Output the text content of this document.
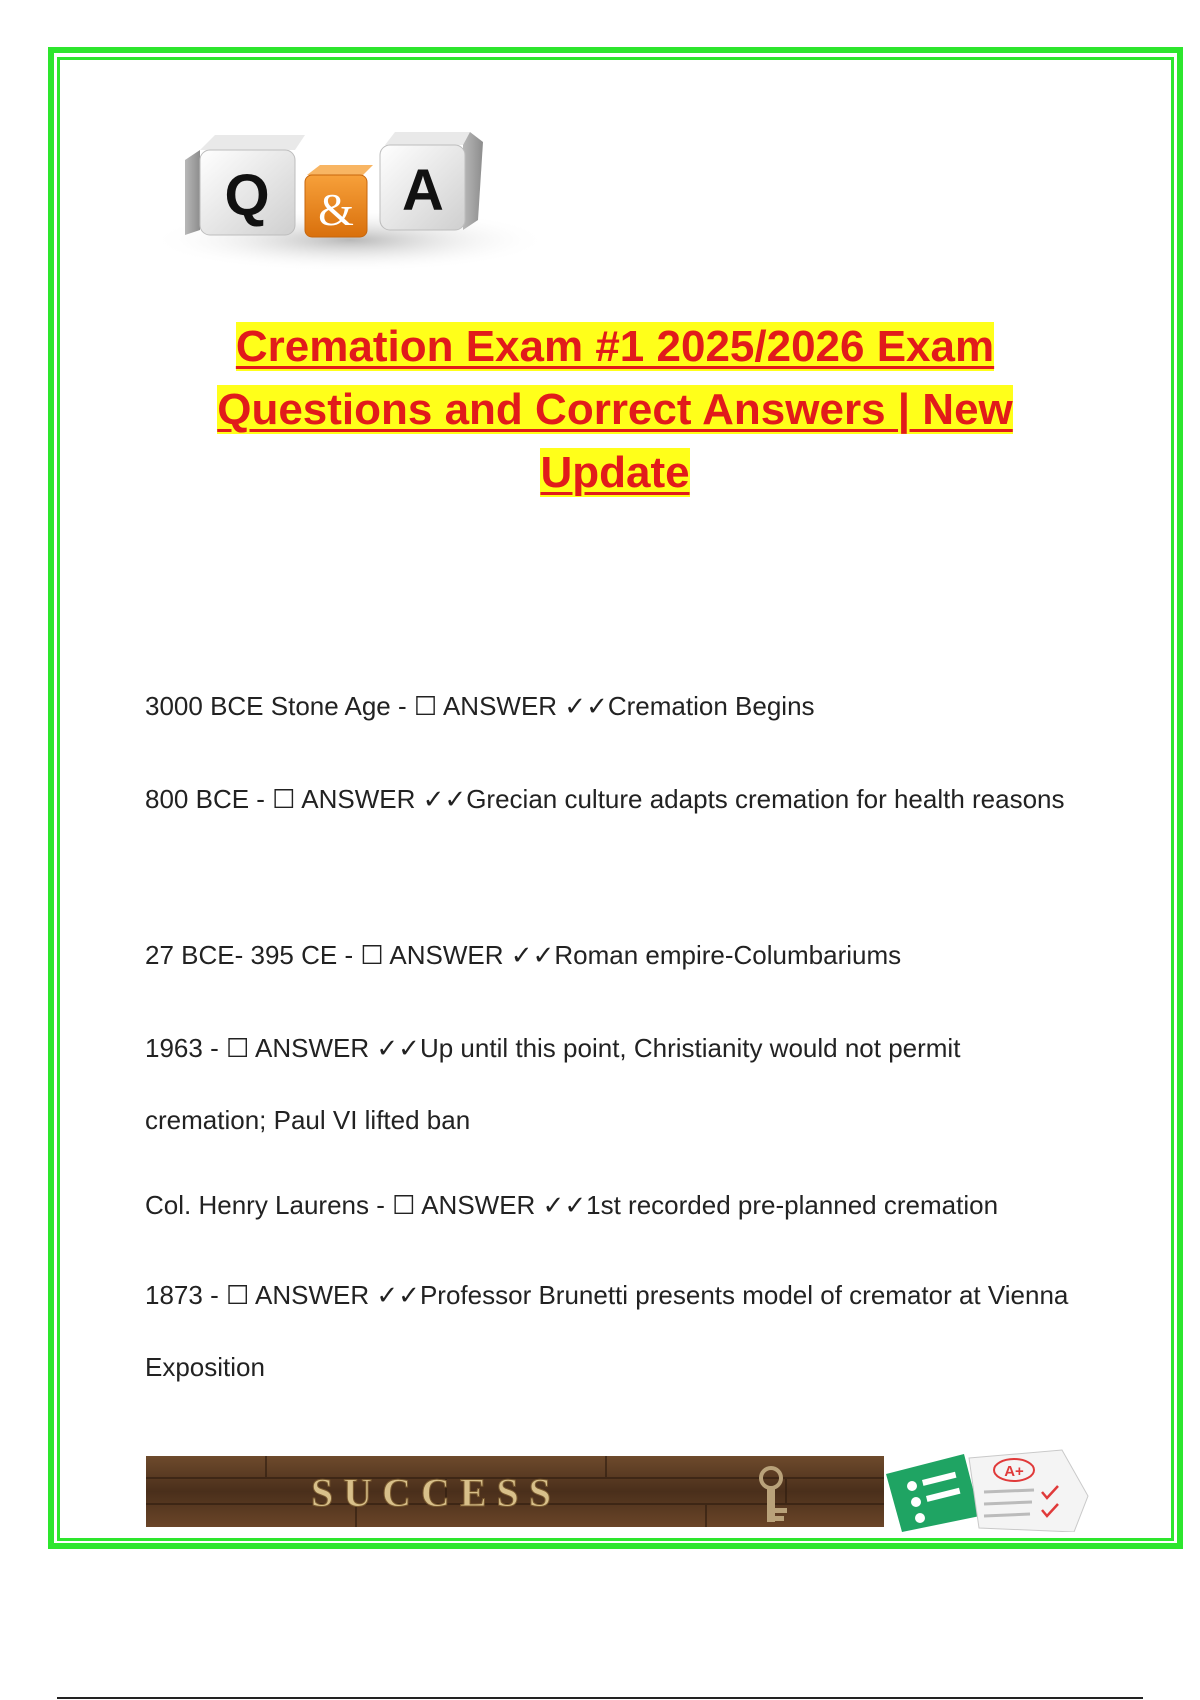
Q A
&
Cremation Exam #1 2025/2026 Exam
Questions and Correct Answers | New
Update

3000 BCE Stone Age - ☐ ANSWER ✓✓Cremation Begins

800 BCE - ☐ ANSWER ✓✓Grecian culture adapts cremation for health reasons

27 BCE- 395 CE - ☐ ANSWER ✓✓Roman empire-Columbariums

1963 - ☐ ANSWER ✓✓Up until this point, Christianity would not permit cremation; Paul VI lifted ban

Col. Henry Laurens - ☐ ANSWER ✓✓1st recorded pre-planned cremation

1873 - ☐ ANSWER ✓✓Professor Brunetti presents model of cremator at Vienna Exposition

SUCCESS	A+
